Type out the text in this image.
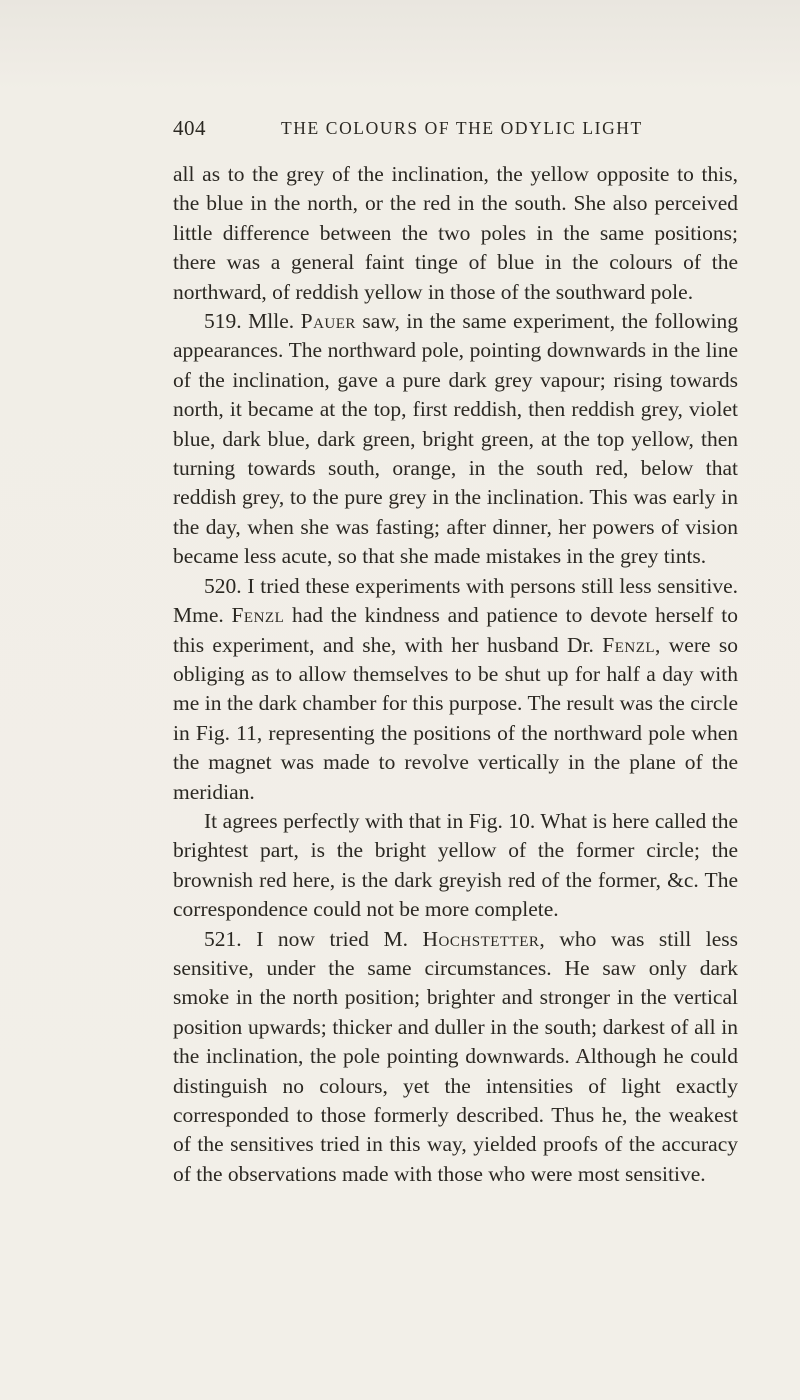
404	THE COLOURS OF THE ODYLIC LIGHT

all as to the grey of the inclination, the yellow opposite to this, the blue in the north, or the red in the south. She also perceived little difference between the two poles in the same positions; there was a general faint tinge of blue in the colours of the northward, of reddish yellow in those of the southward pole.

519. Mlle. Pauer saw, in the same experiment, the following appearances. The northward pole, pointing downwards in the line of the inclination, gave a pure dark grey vapour; rising towards north, it became at the top, first reddish, then reddish grey, violet blue, dark blue, dark green, bright green, at the top yellow, then turning towards south, orange, in the south red, below that reddish grey, to the pure grey in the inclination. This was early in the day, when she was fasting; after dinner, her powers of vision became less acute, so that she made mistakes in the grey tints.

520. I tried these experiments with persons still less sensitive. Mme. Fenzl had the kindness and patience to devote herself to this experiment, and she, with her husband Dr. Fenzl, were so obliging as to allow themselves to be shut up for half a day with me in the dark chamber for this purpose. The result was the circle in Fig. 11, representing the positions of the northward pole when the magnet was made to revolve vertically in the plane of the meridian.

It agrees perfectly with that in Fig. 10. What is here called the brightest part, is the bright yellow of the former circle; the brownish red here, is the dark greyish red of the former, &c. The correspondence could not be more complete.

521. I now tried M. Hochstetter, who was still less sensitive, under the same circumstances. He saw only dark smoke in the north position; brighter and stronger in the vertical position upwards; thicker and duller in the south; darkest of all in the inclination, the pole pointing downwards. Although he could distinguish no colours, yet the intensities of light exactly corresponded to those formerly described. Thus he, the weakest of the sensitives tried in this way, yielded proofs of the accuracy of the observations made with those who were most sensitive.
